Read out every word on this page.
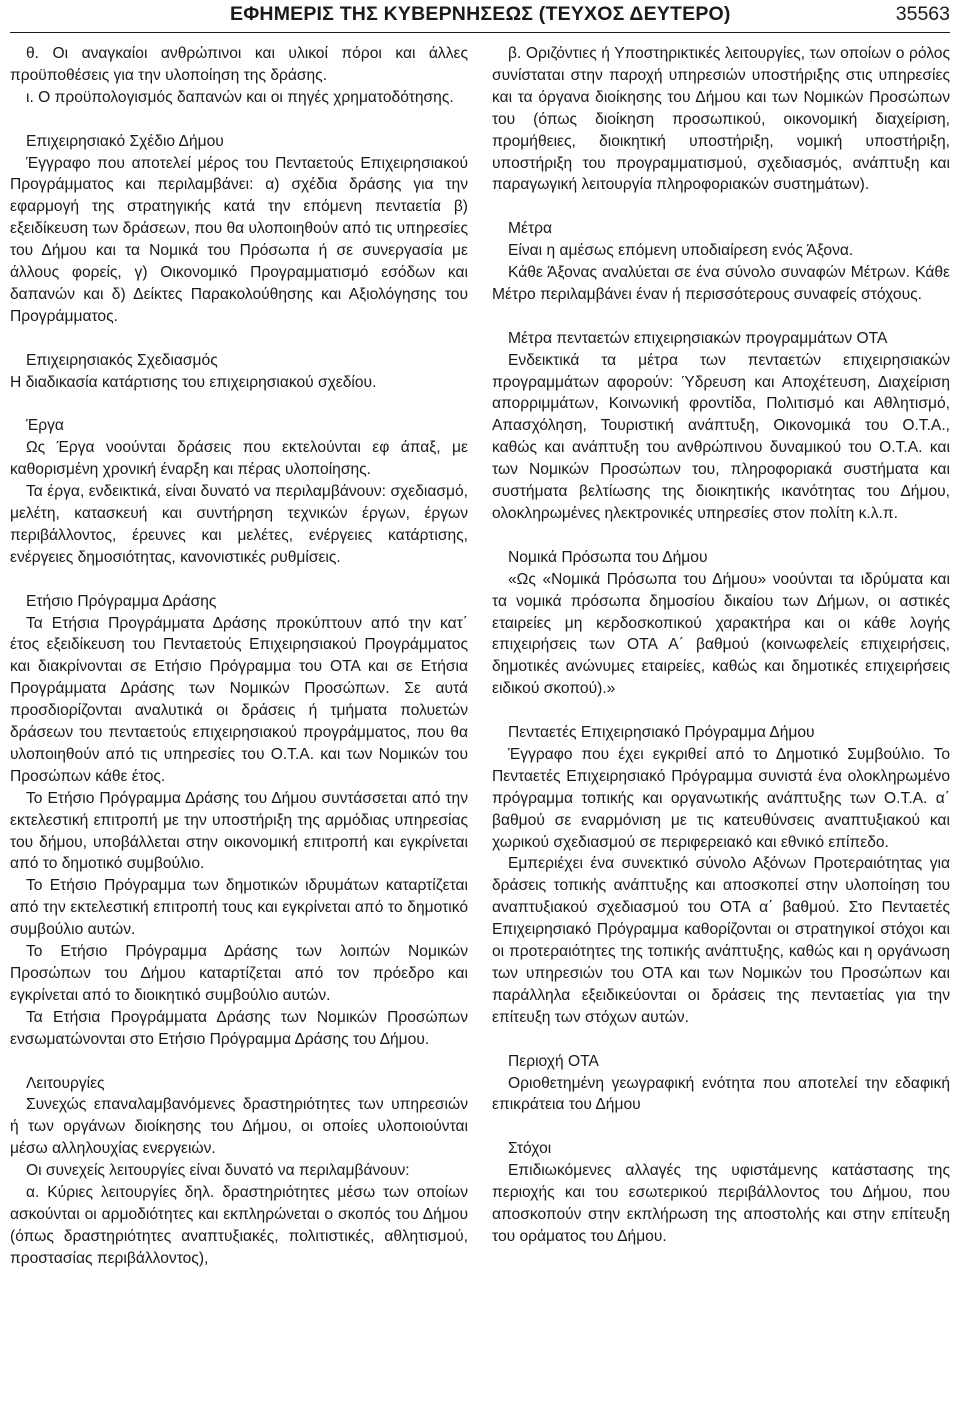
ΕΦΗΜΕΡΙΣ ΤΗΣ ΚΥΒΕΡΝΗΣΕΩΣ (ΤΕΥΧΟΣ ΔΕΥΤΕΡΟ)	35563

θ. Οι αναγκαίοι ανθρώπινοι και υλικοί πόροι και άλλες προϋποθέσεις για την υλοποίηση της δράσης.

ι. Ο προϋπολογισμός δαπανών και οι πηγές χρηματοδότησης.

Επιχειρησιακό Σχέδιο Δήμου

Έγγραφο που αποτελεί μέρος του Πενταετούς Επιχειρησιακού Προγράμματος και περιλαμβάνει: α) σχέδια δράσης για την εφαρμογή της στρατηγικής κατά την επόμενη πενταετία β) εξειδίκευση των δράσεων, που θα υλοποιηθούν από τις υπηρεσίες του Δήμου και τα Νομικά του Πρόσωπα ή σε συνεργασία με άλλους φορείς, γ) Οικονομικό Προγραμματισμό εσόδων και δαπανών και δ) Δείκτες Παρακολούθησης και Αξιολόγησης του Προγράμματος.

Επιχειρησιακός Σχεδιασμός

Η διαδικασία κατάρτισης του επιχειρησιακού σχεδίου.

Έργα

Ως Έργα νοούνται δράσεις που εκτελούνται εφ άπαξ, με καθορισμένη χρονική έναρξη και πέρας υλοποίησης.

Τα έργα, ενδεικτικά, είναι δυνατό να περιλαμβάνουν: σχεδιασμό, μελέτη, κατασκευή και συντήρηση τεχνικών έργων, έργων περιβάλλοντος, έρευνες και μελέτες, ενέργειες κατάρτισης, ενέργειες δημοσιότητας, κανονιστικές ρυθμίσεις.

Ετήσιο Πρόγραμμα Δράσης

Τα Ετήσια Προγράμματα Δράσης προκύπτουν από την κατ΄ έτος εξειδίκευση του Πενταετούς Επιχειρησιακού Προγράμματος και διακρίνονται σε Ετήσιο Πρόγραμμα του ΟΤΑ και σε Ετήσια Προγράμματα Δράσης των Νομικών Προσώπων. Σε αυτά προσδιορίζονται αναλυτικά οι δράσεις ή τμήματα πολυετών δράσεων του πενταετούς επιχειρησιακού προγράμματος, που θα υλοποιηθούν από τις υπηρεσίες του Ο.Τ.Α. και των Νομικών του Προσώπων κάθε έτος.

Το Ετήσιο Πρόγραμμα Δράσης του Δήμου συντάσσεται από την εκτελεστική επιτροπή με την υποστήριξη της αρμόδιας υπηρεσίας του δήμου, υποβάλλεται στην οικονομική επιτροπή και εγκρίνεται από το δημοτικό συμβούλιο.

Το Ετήσιο Πρόγραμμα των δημοτικών ιδρυμάτων καταρτίζεται από την εκτελεστική επιτροπή τους και εγκρίνεται από το δημοτικό συμβούλιο αυτών.

Το Ετήσιο Πρόγραμμα Δράσης των λοιπών Νομικών Προσώπων του Δήμου καταρτίζεται από τον πρόεδρο και εγκρίνεται από το διοικητικό συμβούλιο αυτών.

Τα Ετήσια Προγράμματα Δράσης των Νομικών Προσώπων ενσωματώνονται στο Ετήσιο Πρόγραμμα Δράσης του Δήμου.

Λειτουργίες

Συνεχώς επαναλαμβανόμενες δραστηριότητες των υπηρεσιών ή των οργάνων διοίκησης του Δήμου, οι οποίες υλοποιούνται μέσω αλληλουχίας ενεργειών.

Οι συνεχείς λειτουργίες είναι δυνατό να περιλαμβάνουν:

α. Κύριες λειτουργίες δηλ. δραστηριότητες μέσω των οποίων ασκούνται οι αρμοδιότητες και εκπληρώνεται ο σκοπός του Δήμου (όπως δραστηριότητες αναπτυξιακές, πολιτιστικές, αθλητισμού, προστασίας περιβάλλοντος),

β. Οριζόντιες ή Υποστηρικτικές λειτουργίες, των οποίων ο ρόλος συνίσταται στην παροχή υπηρεσιών υποστήριξης στις υπηρεσίες και τα όργανα διοίκησης του Δήμου και των Νομικών Προσώπων του (όπως διοίκηση προσωπικού, οικονομική διαχείριση, προμήθειες, διοικητική υποστήριξη, νομική υποστήριξη, υποστήριξη του προγραμματισμού, σχεδιασμός, ανάπτυξη και παραγωγική λειτουργία πληροφοριακών συστημάτων).

Μέτρα

Είναι η αμέσως επόμενη υποδιαίρεση ενός Άξονα.

Κάθε Άξονας αναλύεται σε ένα σύνολο συναφών Μέτρων. Κάθε Μέτρο περιλαμβάνει έναν ή περισσότερους συναφείς στόχους.

Μέτρα πενταετών επιχειρησιακών προγραμμάτων ΟΤΑ

Ενδεικτικά τα μέτρα των πενταετών επιχειρησιακών προγραμμάτων αφορούν: Ύδρευση και Αποχέτευση, Διαχείριση απορριμμάτων, Κοινωνική φροντίδα, Πολιτισμό και Αθλητισμό, Απασχόληση, Τουριστική ανάπτυξη, Οικονομικά του Ο.Τ.Α., καθώς και ανάπτυξη του ανθρώπινου δυναμικού του Ο.Τ.Α. και των Νομικών Προσώπων του, πληροφοριακά συστήματα και συστήματα βελτίωσης της διοικητικής ικανότητας του Δήμου, ολοκληρωμένες ηλεκτρονικές υπηρεσίες στον πολίτη κ.λ.π.

Νομικά Πρόσωπα του Δήμου

«Ως «Νομικά Πρόσωπα του Δήμου» νοούνται τα ιδρύματα και τα νομικά πρόσωπα δημοσίου δικαίου των Δήμων, οι αστικές εταιρείες μη κερδοσκοπικού χαρακτήρα και οι κάθε λογής επιχειρήσεις των ΟΤΑ Α΄ βαθμού (κοινωφελείς επιχειρήσεις, δημοτικές ανώνυμες εταιρείες, καθώς και δημοτικές επιχειρήσεις ειδικού σκοπού).»

Πενταετές Επιχειρησιακό Πρόγραμμα Δήμου

Έγγραφο που έχει εγκριθεί από το Δημοτικό Συμβούλιο. Το Πενταετές Επιχειρησιακό Πρόγραμμα συνιστά ένα ολοκληρωμένο πρόγραμμα τοπικής και οργανωτικής ανάπτυξης των Ο.Τ.Α. α΄ βαθμού σε εναρμόνιση με τις κατευθύνσεις αναπτυξιακού και χωρικού σχεδιασμού σε περιφερειακό και εθνικό επίπεδο.

Εμπεριέχει ένα συνεκτικό σύνολο Αξόνων Προτεραιότητας για δράσεις τοπικής ανάπτυξης και αποσκοπεί στην υλοποίηση του αναπτυξιακού σχεδιασμού του ΟΤΑ α΄ βαθμού. Στο Πενταετές Επιχειρησιακό Πρόγραμμα καθορίζονται οι στρατηγικοί στόχοι και οι προτεραιότητες της τοπικής ανάπτυξης, καθώς και η οργάνωση των υπηρεσιών του ΟΤΑ και των Νομικών του Προσώπων και παράλληλα εξειδικεύονται οι δράσεις της πενταετίας για την επίτευξη των στόχων αυτών.

Περιοχή ΟΤΑ

Οριοθετημένη γεωγραφική ενότητα που αποτελεί την εδαφική επικράτεια του Δήμου

Στόχοι

Επιδιωκόμενες αλλαγές της υφιστάμενης κατάστασης της περιοχής και του εσωτερικού περιβάλλοντος του Δήμου, που αποσκοπούν στην εκπλήρωση της αποστολής και στην επίτευξη του οράματος του Δήμου.
